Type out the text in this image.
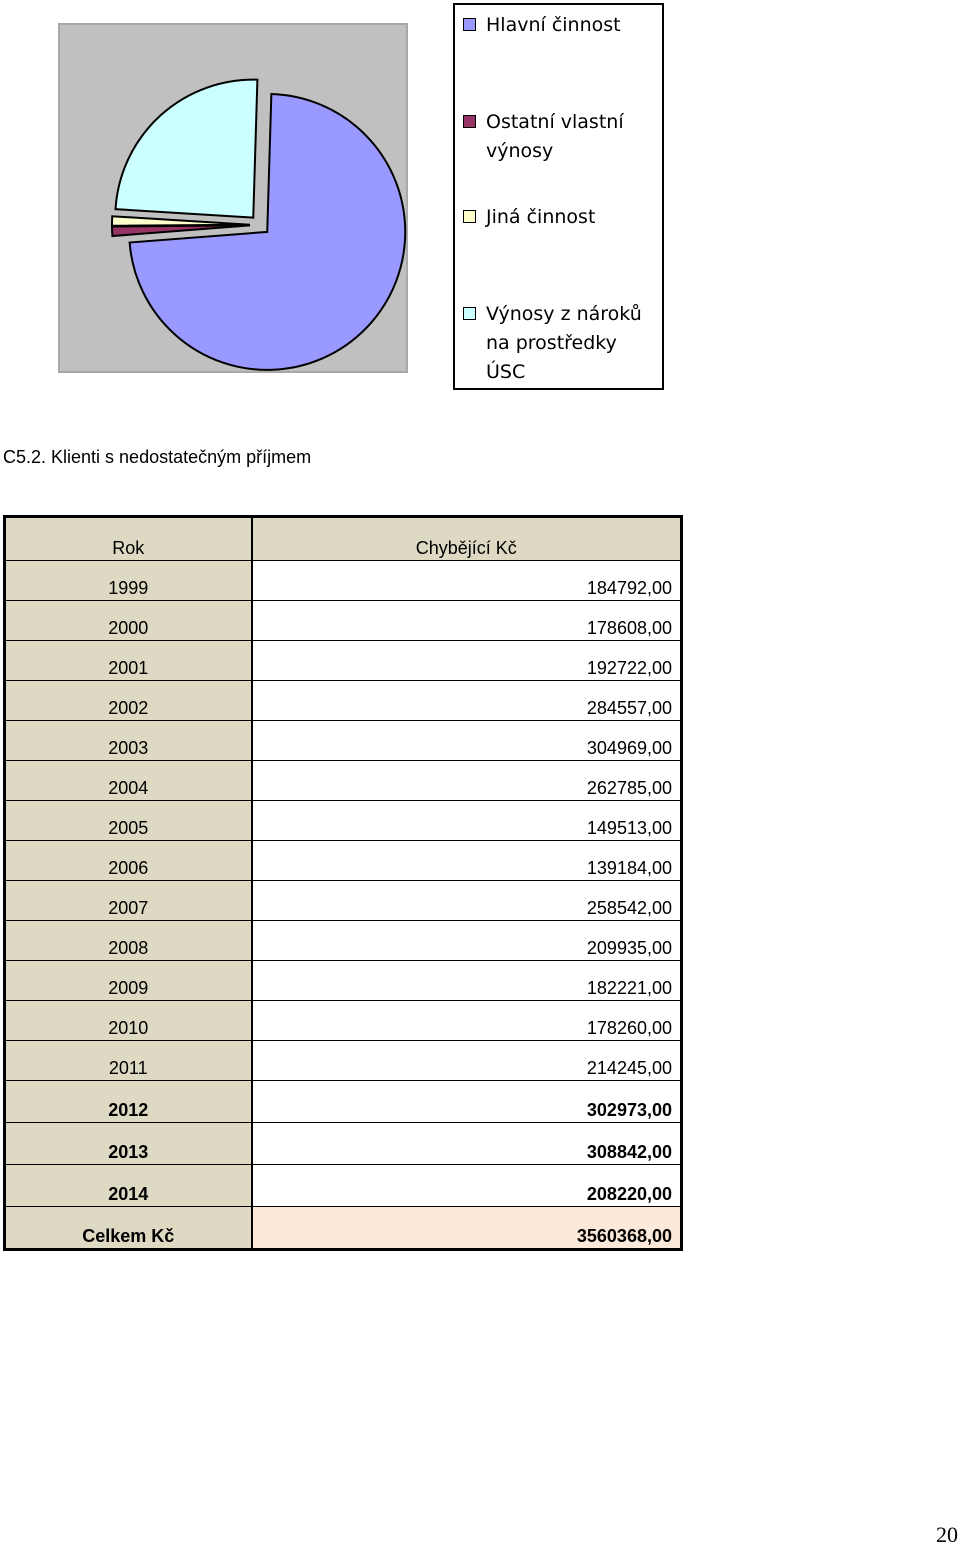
Hlavní činnost
Ostatní vlastní výnosy
Jiná činnost
Výnosy z nároků na prostředky ÚSC
C5.2. Klienti s nedostatečným příjmem
Rok	Chybějící Kč
1999	184792,00
2000	178608,00
2001	192722,00
2002	284557,00
2003	304969,00
2004	262785,00
2005	149513,00
2006	139184,00
2007	258542,00
2008	209935,00
2009	182221,00
2010	178260,00
2011	214245,00
2012	302973,00
2013	308842,00
2014	208220,00
Celkem Kč	3560368,00
20
